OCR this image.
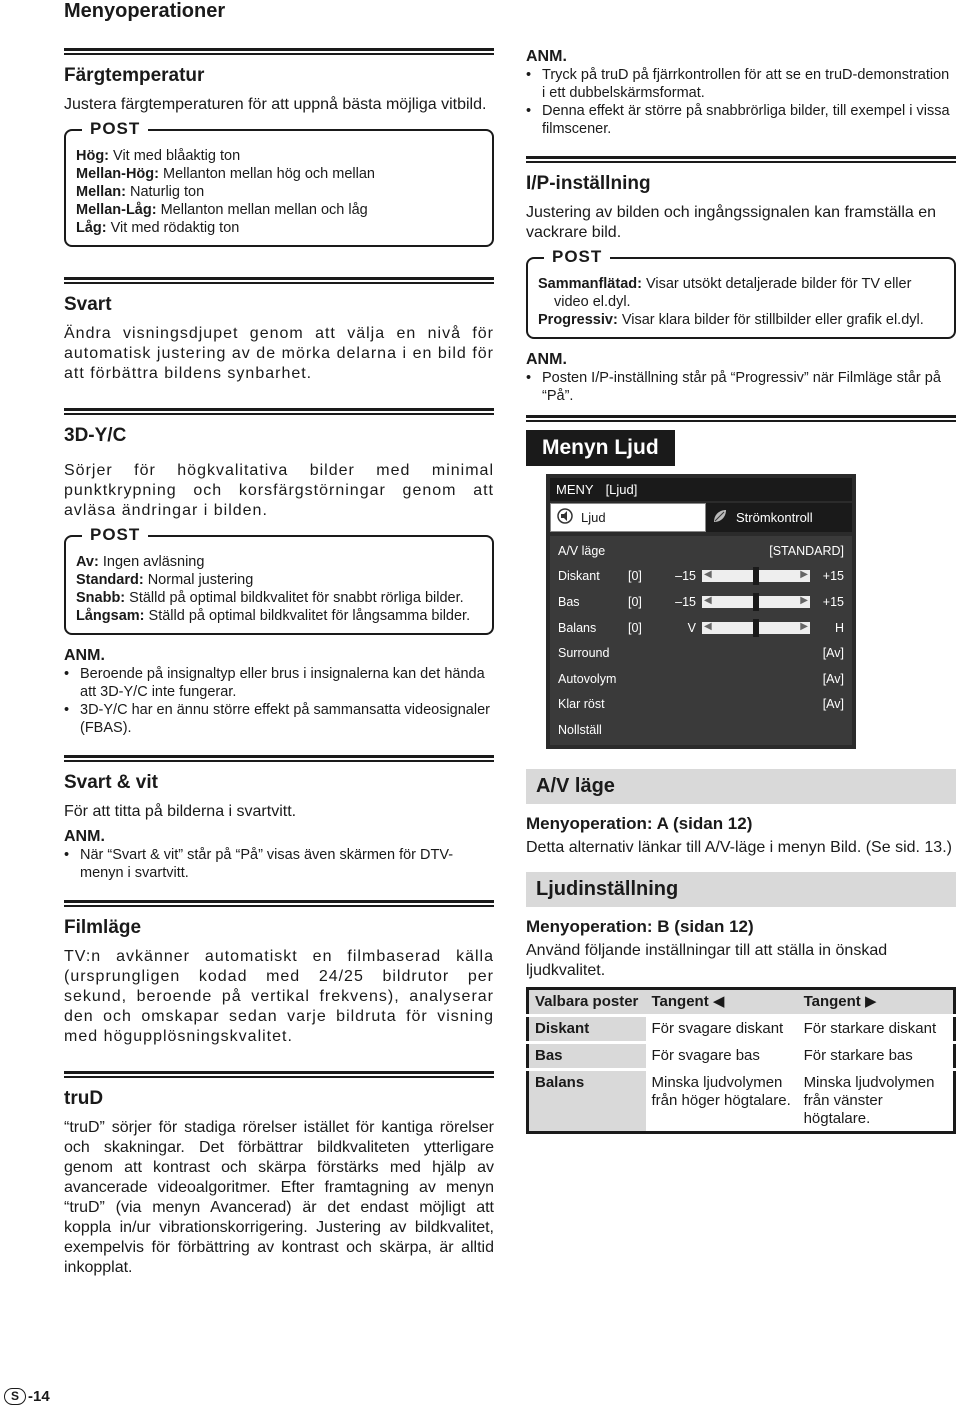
Menyoperationer
Färgtemperatur
Justera färgtemperaturen för att uppnå bästa möjliga vitbild.
POST
Hög: Vit med blåaktig ton
Mellan-Hög: Mellanton mellan hög och mellan
Mellan: Naturlig ton
Mellan-Låg: Mellanton mellan mellan och låg
Låg: Vit med rödaktig ton
Svart
Ändra visningsdjupet genom att välja en nivå för automatisk justering av de mörka delarna i en bild för att förbättra bildens synbarhet.
3D-Y/C
Sörjer för högkvalitativa bilder med minimal punktkrypning och korsfärgstörningar genom att avläsa ändringar i bilden.
POST
Av: Ingen avläsning
Standard: Normal justering
Snabb: Ställd på optimal bildkvalitet för snabbt rörliga bilder.
Långsam: Ställd på optimal bildkvalitet för långsamma bilder.
ANM.
• Beroende på insignaltyp eller brus i insignalerna kan det hända att 3D-Y/C inte fungerar.
• 3D-Y/C har en ännu större effekt på sammansatta videosignaler (FBAS).
Svart & vit
För att titta på bilderna i svartvitt.
ANM.
• När “Svart & vit” står på “På” visas även skärmen för DTV-menyn i svartvitt.
Filmläge
TV:n avkänner automatiskt en filmbaserad källa (ursprungligen kodad med 24/25 bildrutor per sekund, beroende på vertikal frekvens), analyserar den och omskapar sedan varje bildruta för visning med högupplösningskvalitet.
truD
“truD” sörjer för stadiga rörelser istället för kantiga rörelser och skakningar. Det förbättrar bildkvaliteten ytterligare genom att kontrast och skärpa förstärks med hjälp av avancerade videoalgoritmer. Efter framtagning av menyn “truD” (via menyn Avancerad) är det endast möjligt att koppla in/ur vibrationskorrigering. Justering av bildkvalitet, exempelvis för förbättring av kontrast och skärpa, är alltid inkopplat.
ANM.
• Tryck på truD på fjärrkontrollen för att se en truD-demonstration i ett dubbelskärmsformat.
• Denna effekt är större på snabbrörliga bilder, till exempel i vissa filmscener.
I/P-inställning
Justering av bilden och ingångssignalen kan framställa en vackrare bild.
POST
Sammanflätad: Visar utsökt detaljerade bilder för TV eller video el.dyl.
Progressiv: Visar klara bilder för stillbilder eller grafik el.dyl.
ANM.
• Posten I/P-inställning står på “Progressiv” när Filmläge står på “På”.
Menyn Ljud
MENY [Ljud]
Ljud	Strömkontroll
A/V läge	[STANDARD]
Diskant	[0]	–15 ◀	▶ +15
Bas	[0]	–15 ◀	▶ +15
Balans	[0]	V ◀	▶	H
Surround	[Av]
Autovolym	[Av]
Klar röst	[Av]
Nollställ
A/V läge
Menyoperation: A (sidan 12)
Detta alternativ länkar till A/V-läge i menyn Bild. (Se sid. 13.)
Ljudinställning
Menyoperation: B (sidan 12)
Använd följande inställningar till att ställa in önskad ljudkvalitet.
Valbara poster	Tangent ◀	Tangent ▶
Diskant	För svagare diskant	För starkare diskant
Bas	För svagare bas	För starkare bas
Balans	Minska ljudvolymen från höger högtalare.	Minska ljudvolymen från vänster högtalare.
S -14
